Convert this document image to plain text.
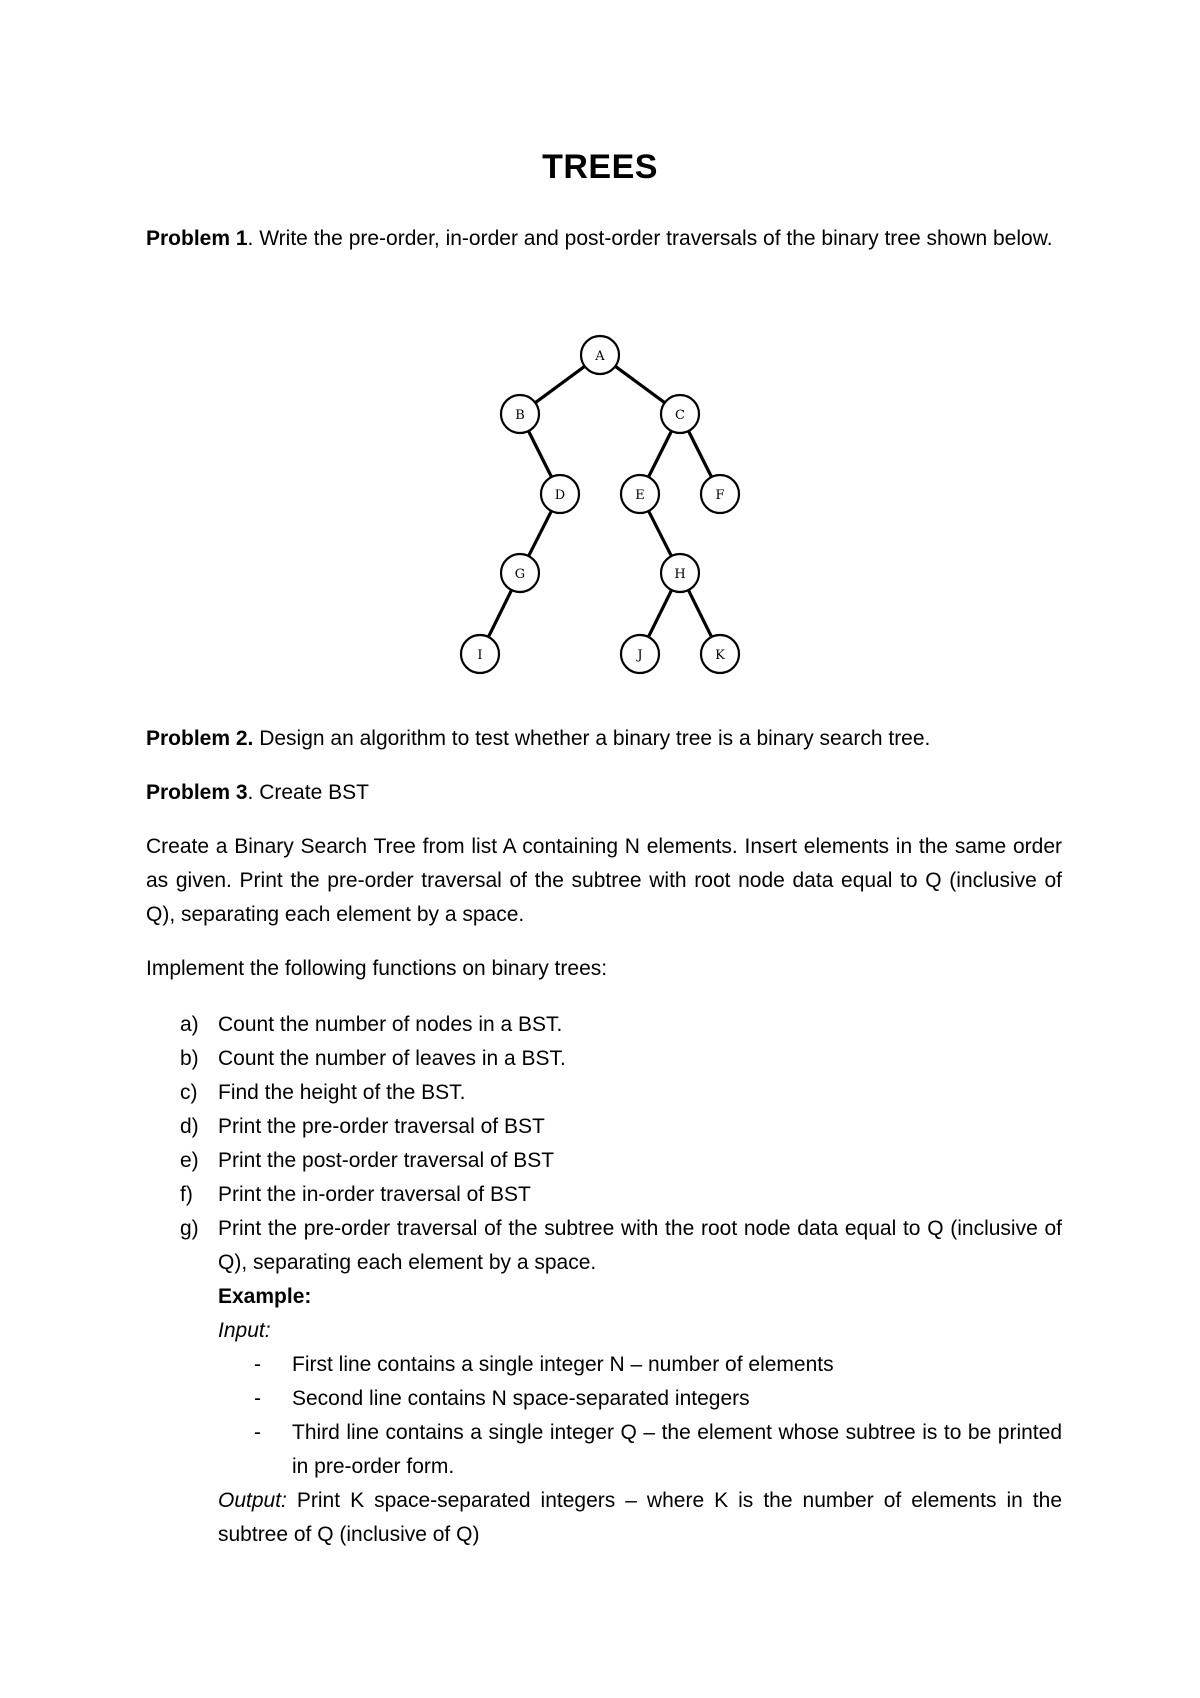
TREES
Problem 1. Write the pre-order, in-order and post-order traversals of the binary tree shown below.
A
B	C
D	E	F
G	H
I	J	K
Problem 2. Design an algorithm to test whether a binary tree is a binary search tree.
Problem 3. Create BST
Create a Binary Search Tree from list A containing N elements. Insert elements in the same order as given. Print the pre-order traversal of the subtree with root node data equal to Q (inclusive of Q), separating each element by a space.
Implement the following functions on binary trees:
a) Count the number of nodes in a BST.
b) Count the number of leaves in a BST.
c) Find the height of the BST.
d) Print the pre-order traversal of BST
e) Print the post-order traversal of BST
f) Print the in-order traversal of BST
g) Print the pre-order traversal of the subtree with the root node data equal to Q (inclusive of Q), separating each element by a space.
Example:
Input:
- First line contains a single integer N – number of elements
- Second line contains N space-separated integers
- Third line contains a single integer Q – the element whose subtree is to be printed in pre-order form.
Output: Print K space-separated integers – where K is the number of elements in the subtree of Q (inclusive of Q)
